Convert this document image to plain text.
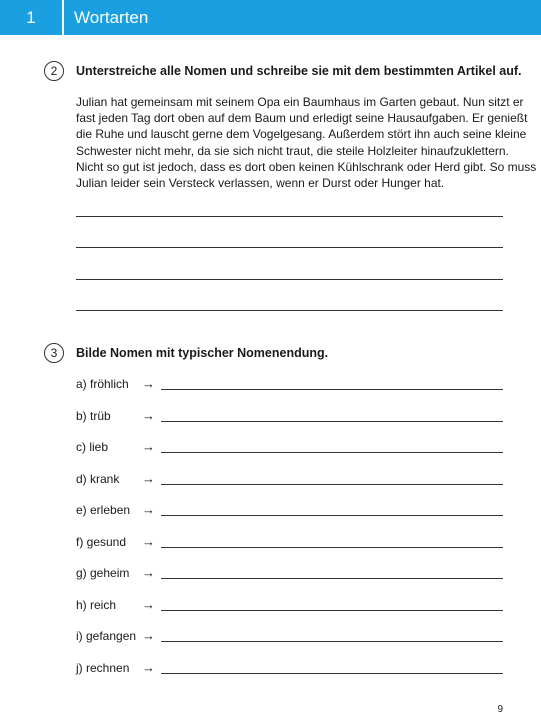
1	Wortarten
2	Unterstreiche alle Nomen und schreibe sie mit dem bestimmten Artikel auf.
Julian hat gemeinsam mit seinem Opa ein Baumhaus im Garten gebaut. Nun sitzt er
fast jeden Tag dort oben auf dem Baum und erledigt seine Hausaufgaben. Er genießt
die Ruhe und lauscht gerne dem Vogelgesang. Außerdem stört ihn auch seine kleine
Schwester nicht mehr, da sie sich nicht traut, die steile Holzleiter hinaufzuklettern.
Nicht so gut ist jedoch, dass es dort oben keinen Kühlschrank oder Herd gibt. So muss
Julian leider sein Versteck verlassen, wenn er Durst oder Hunger hat.
3	Bilde Nomen mit typischer Nomenendung.
a) fröhlich →
b) trüb →
c) lieb	→
d) krank →
e) erleben →
f) gesund →
g) geheim →
h) reich →
i) gefangen →
j) rechnen →
9
